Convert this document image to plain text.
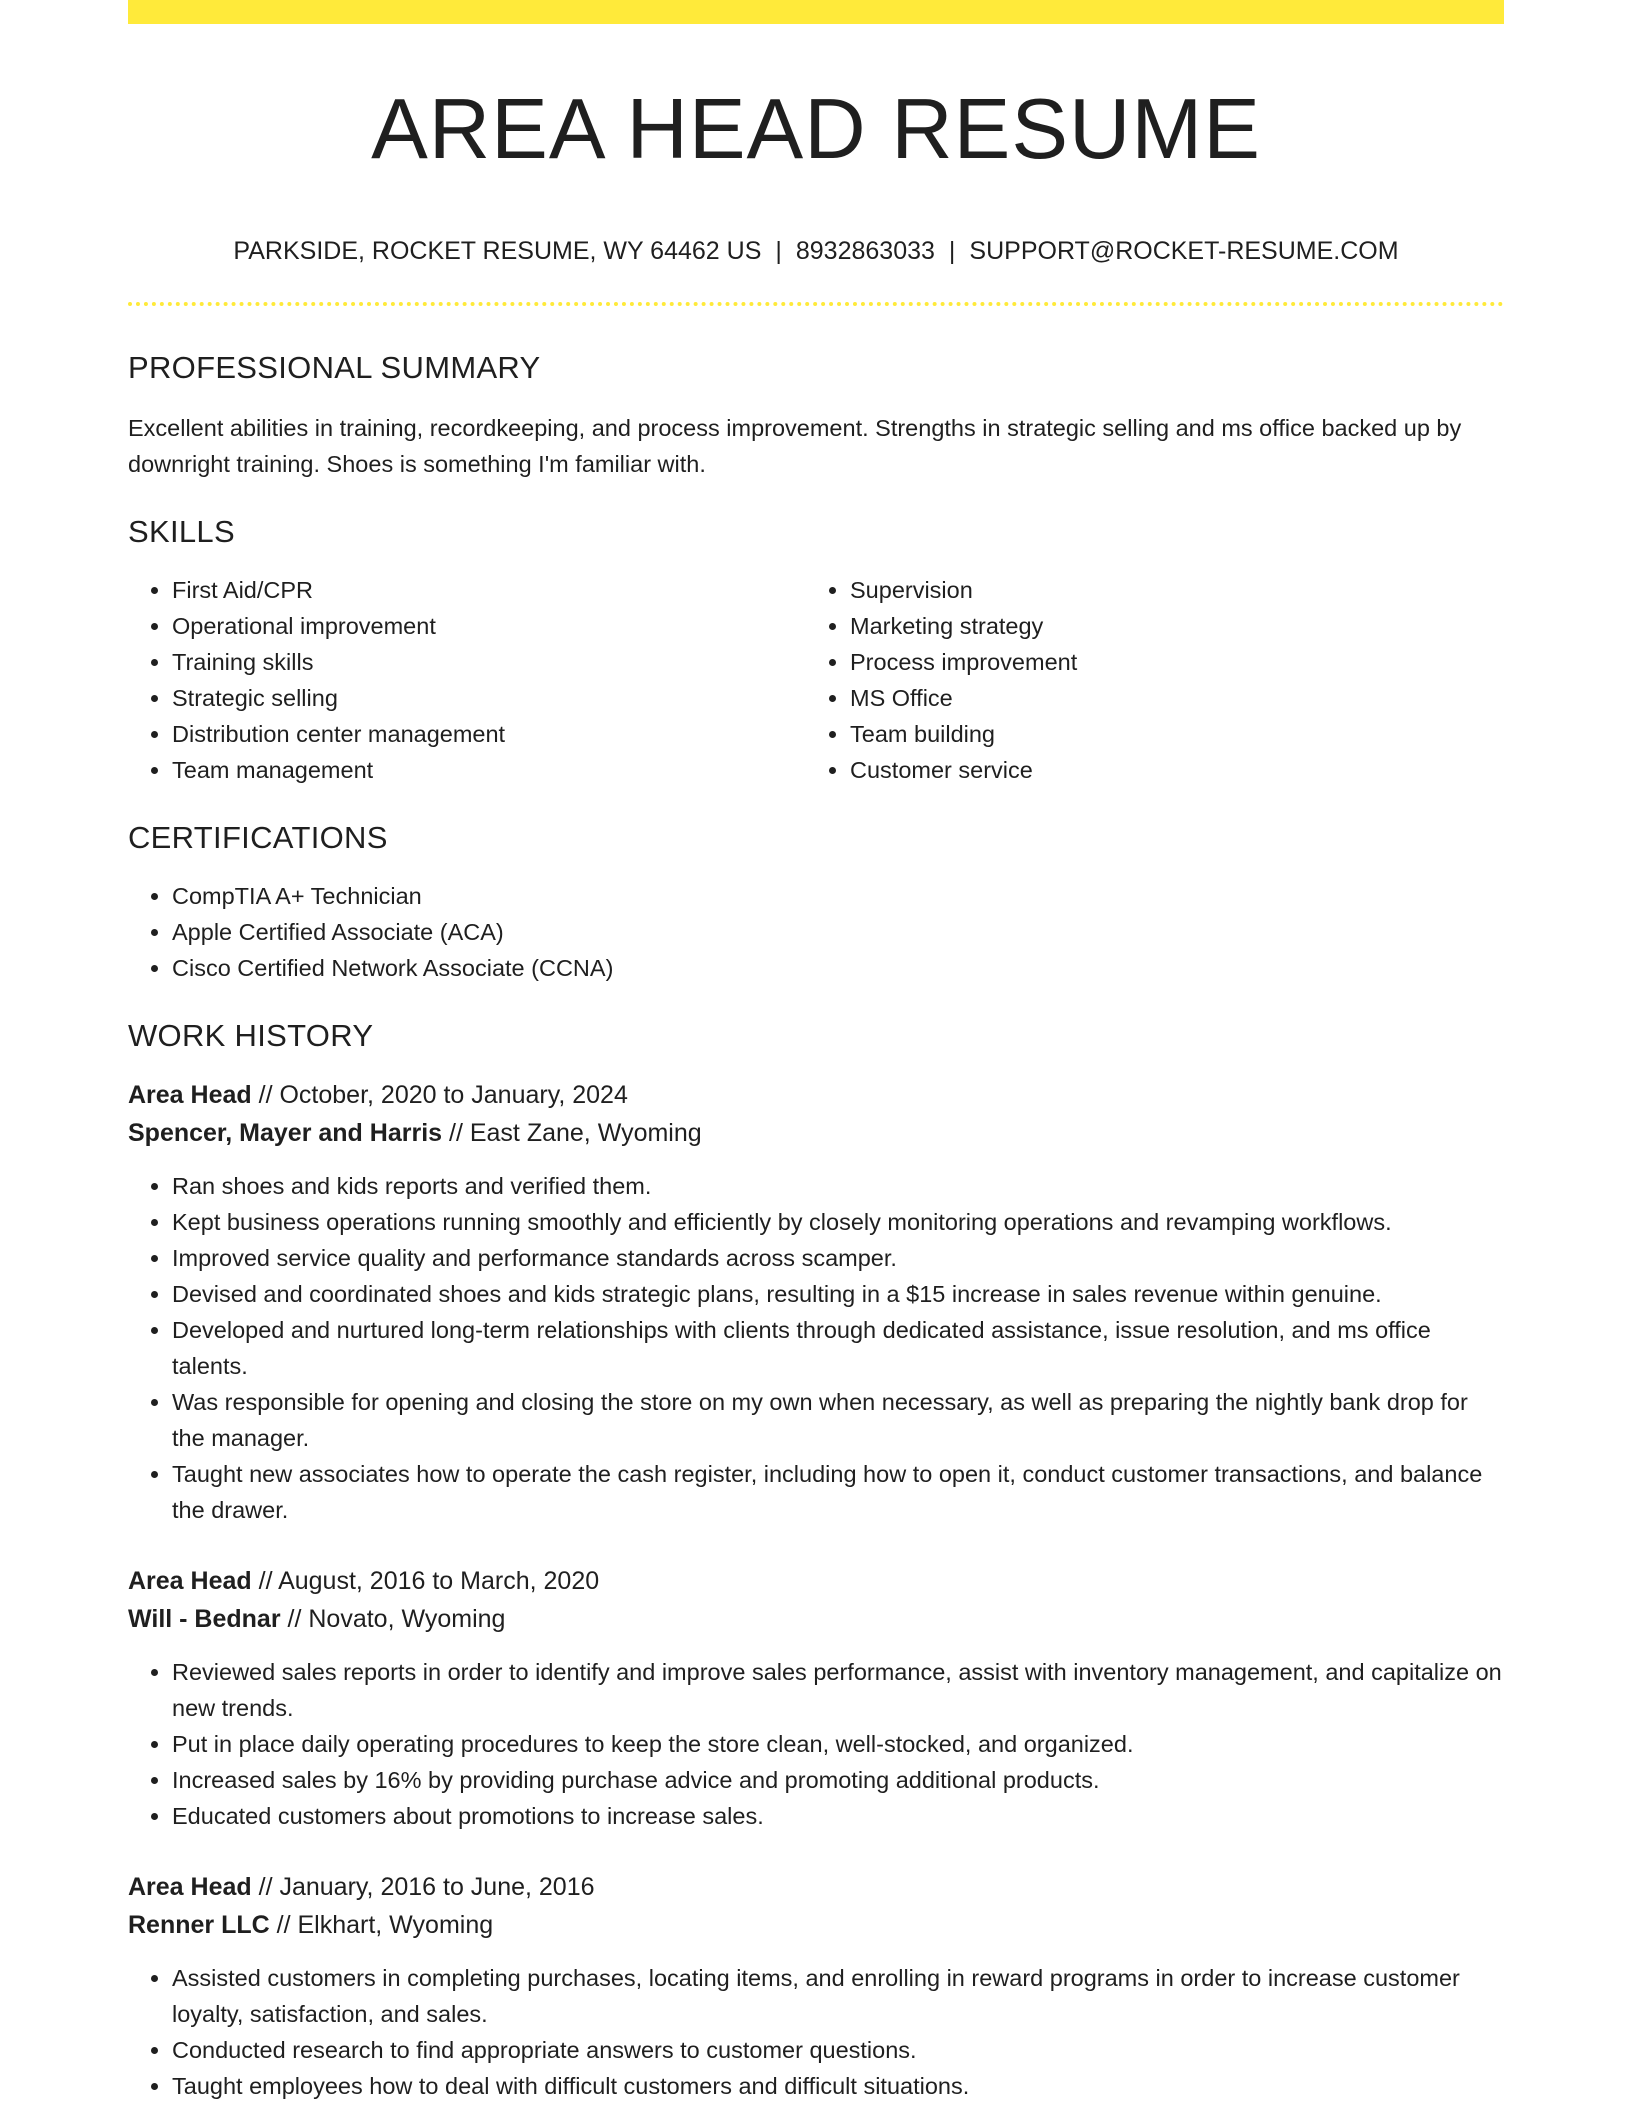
AREA HEAD RESUME
PARKSIDE, ROCKET RESUME, WY 64462 US | 8932863033 | SUPPORT@ROCKET-RESUME.COM
PROFESSIONAL SUMMARY

Excellent abilities in training, recordkeeping, and process improvement. Strengths in strategic selling and ms office backed up by downright training. Shoes is something I'm familiar with.

SKILLS
• First Aid/CPR
• Operational improvement
• Training skills
• Strategic selling
• Distribution center management
• Team management
• Supervision
• Marketing strategy
• Process improvement
• MS Office
• Team building
• Customer service
CERTIFICATIONS
• CompTIA A+ Technician
• Apple Certified Associate (ACA)
• Cisco Certified Network Associate (CCNA)
WORK HISTORY
Area Head // October, 2020 to January, 2024
Spencer, Mayer and Harris // East Zane, Wyoming
• Ran shoes and kids reports and verified them.
• Kept business operations running smoothly and efficiently by closely monitoring operations and revamping workflows.
• Improved service quality and performance standards across scamper.
• Devised and coordinated shoes and kids strategic plans, resulting in a $15 increase in sales revenue within genuine.
• Developed and nurtured long-term relationships with clients through dedicated assistance, issue resolution, and ms office talents.
• Was responsible for opening and closing the store on my own when necessary, as well as preparing the nightly bank drop for the manager.
• Taught new associates how to operate the cash register, including how to open it, conduct customer transactions, and balance the drawer.
Area Head // August, 2016 to March, 2020
Will - Bednar // Novato, Wyoming
• Reviewed sales reports in order to identify and improve sales performance, assist with inventory management, and capitalize on new trends.
• Put in place daily operating procedures to keep the store clean, well-stocked, and organized.
• Increased sales by 16% by providing purchase advice and promoting additional products.
• Educated customers about promotions to increase sales.
Area Head // January, 2016 to June, 2016
Renner LLC // Elkhart, Wyoming
• Assisted customers in completing purchases, locating items, and enrolling in reward programs in order to increase customer loyalty, satisfaction, and sales.
• Conducted research to find appropriate answers to customer questions.
• Taught employees how to deal with difficult customers and difficult situations.
